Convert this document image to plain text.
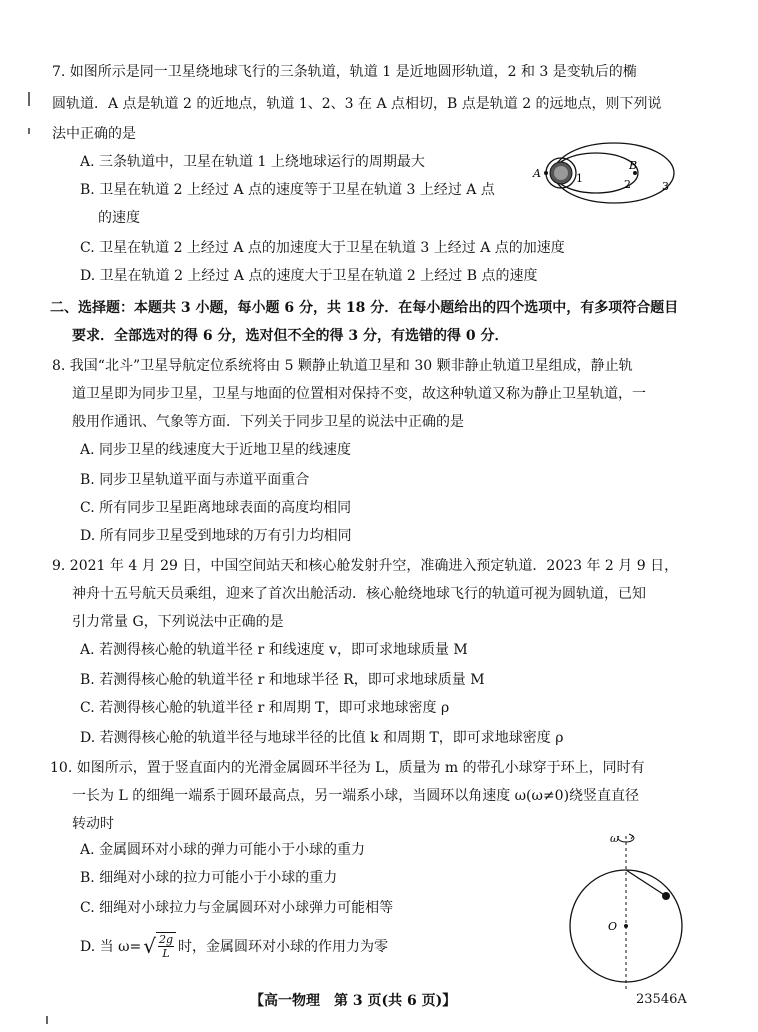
7. 如图所示是同一卫星绕地球飞行的三条轨道，轨道 1 是近地圆形轨道，2 和 3 是变轨后的椭
圆轨道．A 点是轨道 2 的近地点，轨道 1、2、3 在 A 点相切，B 点是轨道 2 的远地点，则下列说
法中正确的是
A. 三条轨道中，卫星在轨道 1 上绕地球运行的周期最大
B. 卫星在轨道 2 上经过 A 点的速度等于卫星在轨道 3 上经过 A 点
的速度
C. 卫星在轨道 2 上经过 A 点的加速度大于卫星在轨道 3 上经过 A 点的加速度
D. 卫星在轨道 2 上经过 A 点的速度大于卫星在轨道 2 上经过 B 点的速度
A
B
1	2	3
二、选择题：本题共 3 小题，每小题 6 分，共 18 分．在每小题给出的四个选项中，有多项符合题目
要求．全部选对的得 6 分，选对但不全的得 3 分，有选错的得 0 分．
8. 我国“北斗”卫星导航定位系统将由 5 颗静止轨道卫星和 30 颗非静止轨道卫星组成，静止轨
道卫星即为同步卫星，卫星与地面的位置相对保持不变，故这种轨道又称为静止卫星轨道，一
般用作通讯、气象等方面．下列关于同步卫星的说法中正确的是
A. 同步卫星的线速度大于近地卫星的线速度
B. 同步卫星轨道平面与赤道平面重合
C. 所有同步卫星距离地球表面的高度均相同
D. 所有同步卫星受到地球的万有引力均相同
9. 2021 年 4 月 29 日，中国空间站天和核心舱发射升空，准确进入预定轨道．2023 年 2 月 9 日，
神舟十五号航天员乘组，迎来了首次出舱活动．核心舱绕地球飞行的轨道可视为圆轨道，已知
引力常量 G，下列说法中正确的是
A. 若测得核心舱的轨道半径 r 和线速度 v，即可求地球质量 M
B. 若测得核心舱的轨道半径 r 和地球半径 R，即可求地球质量 M
C. 若测得核心舱的轨道半径 r 和周期 T，即可求地球密度 ρ
D. 若测得核心舱的轨道半径与地球半径的比值 k 和周期 T，即可求地球密度 ρ
10. 如图所示，置于竖直面内的光滑金属圆环半径为 L，质量为 m 的带孔小球穿于环上，同时有
一长为 L 的细绳一端系于圆环最高点，另一端系小球，当圆环以角速度 ω(ω≠0)绕竖直直径
转动时
A. 金属圆环对小球的弹力可能小于小球的重力
B. 细绳对小球的拉力可能小于小球的重力
C. 细绳对小球拉力与金属圆环对小球弹力可能相等
D. 当 ω= √ $\frac{2g}{L}$ 时，金属圆环对小球的作用力为零
ω
O
【高一物理　第 3 页(共 6 页)】	23546A
